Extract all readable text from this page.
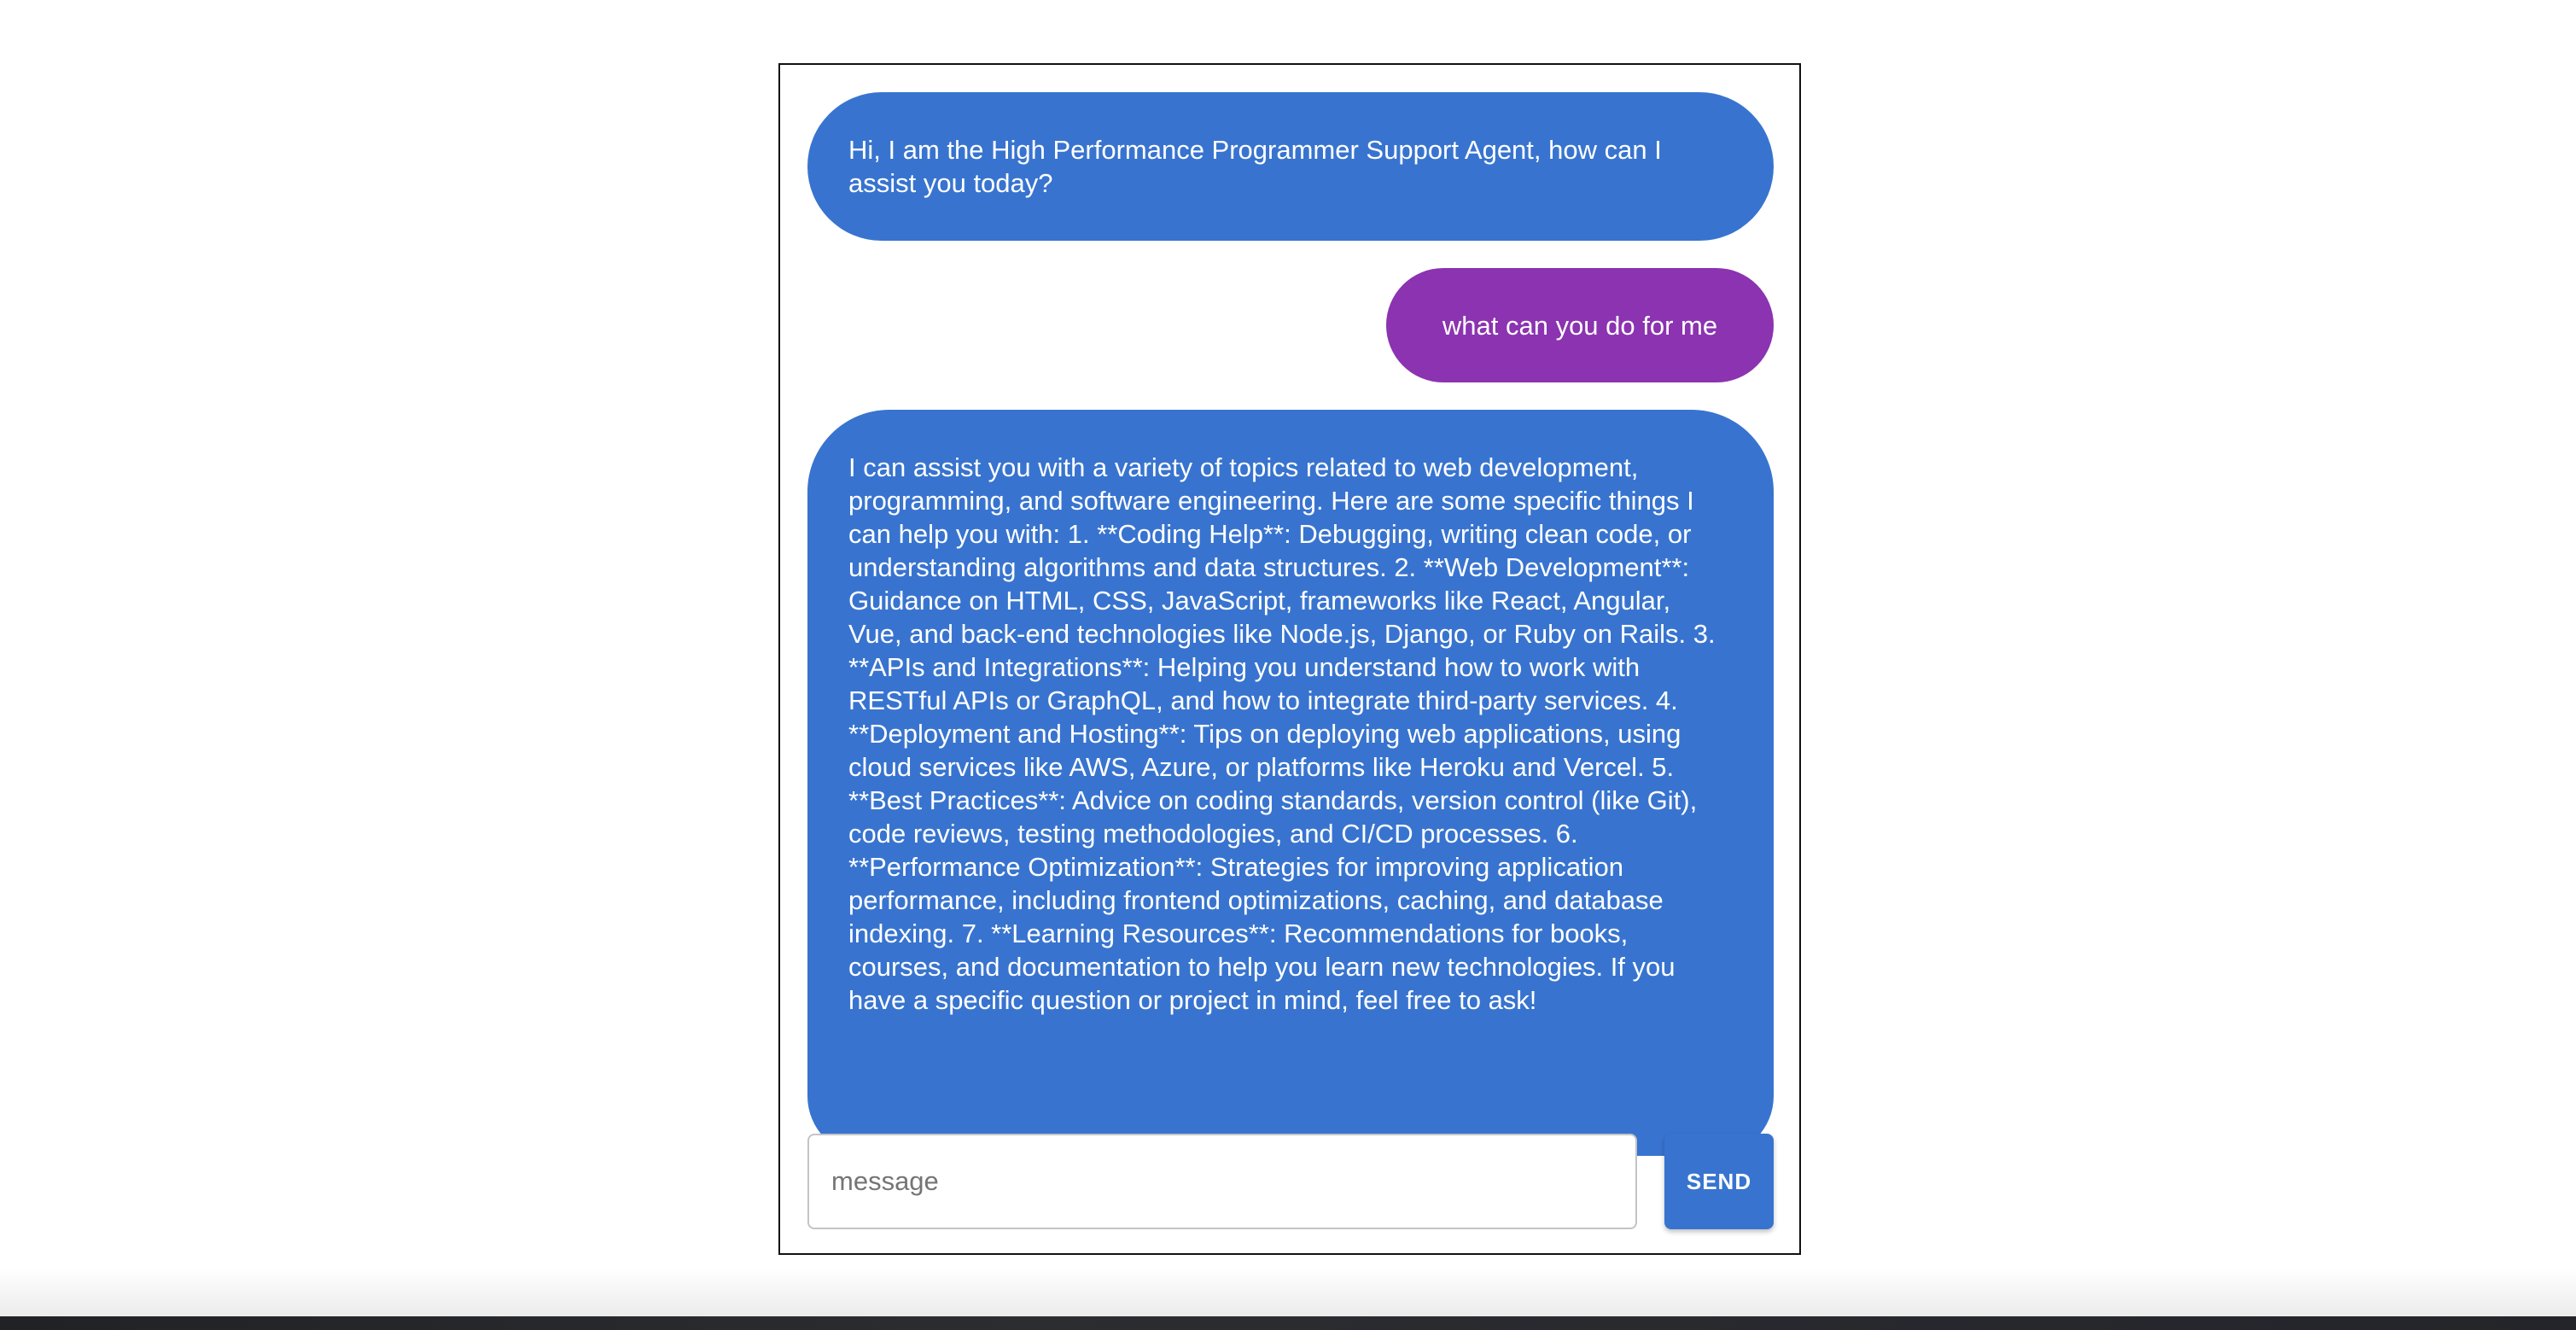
Hi, I am the High Performance Programmer Support Agent, how can I assist you today?
what can you do for me
I can assist you with a variety of topics related to web development, programming, and software engineering. Here are some specific things I can help you with: 1. **Coding Help**: Debugging, writing clean code, or understanding algorithms and data structures. 2. **Web Development**: Guidance on HTML, CSS, JavaScript, frameworks like React, Angular, Vue, and back-end technologies like Node.js, Django, or Ruby on Rails. 3. **APIs and Integrations**: Helping you understand how to work with RESTful APIs or GraphQL, and how to integrate third-party services. 4. **Deployment and Hosting**: Tips on deploying web applications, using cloud services like AWS, Azure, or platforms like Heroku and Vercel. 5. **Best Practices**: Advice on coding standards, version control (like Git), code reviews, testing methodologies, and CI/CD processes. 6. **Performance Optimization**: Strategies for improving application performance, including frontend optimizations, caching, and database indexing. 7. **Learning Resources**: Recommendations for books, courses, and documentation to help you learn new technologies. If you have a specific question or project in mind, feel free to ask!
message
SEND
